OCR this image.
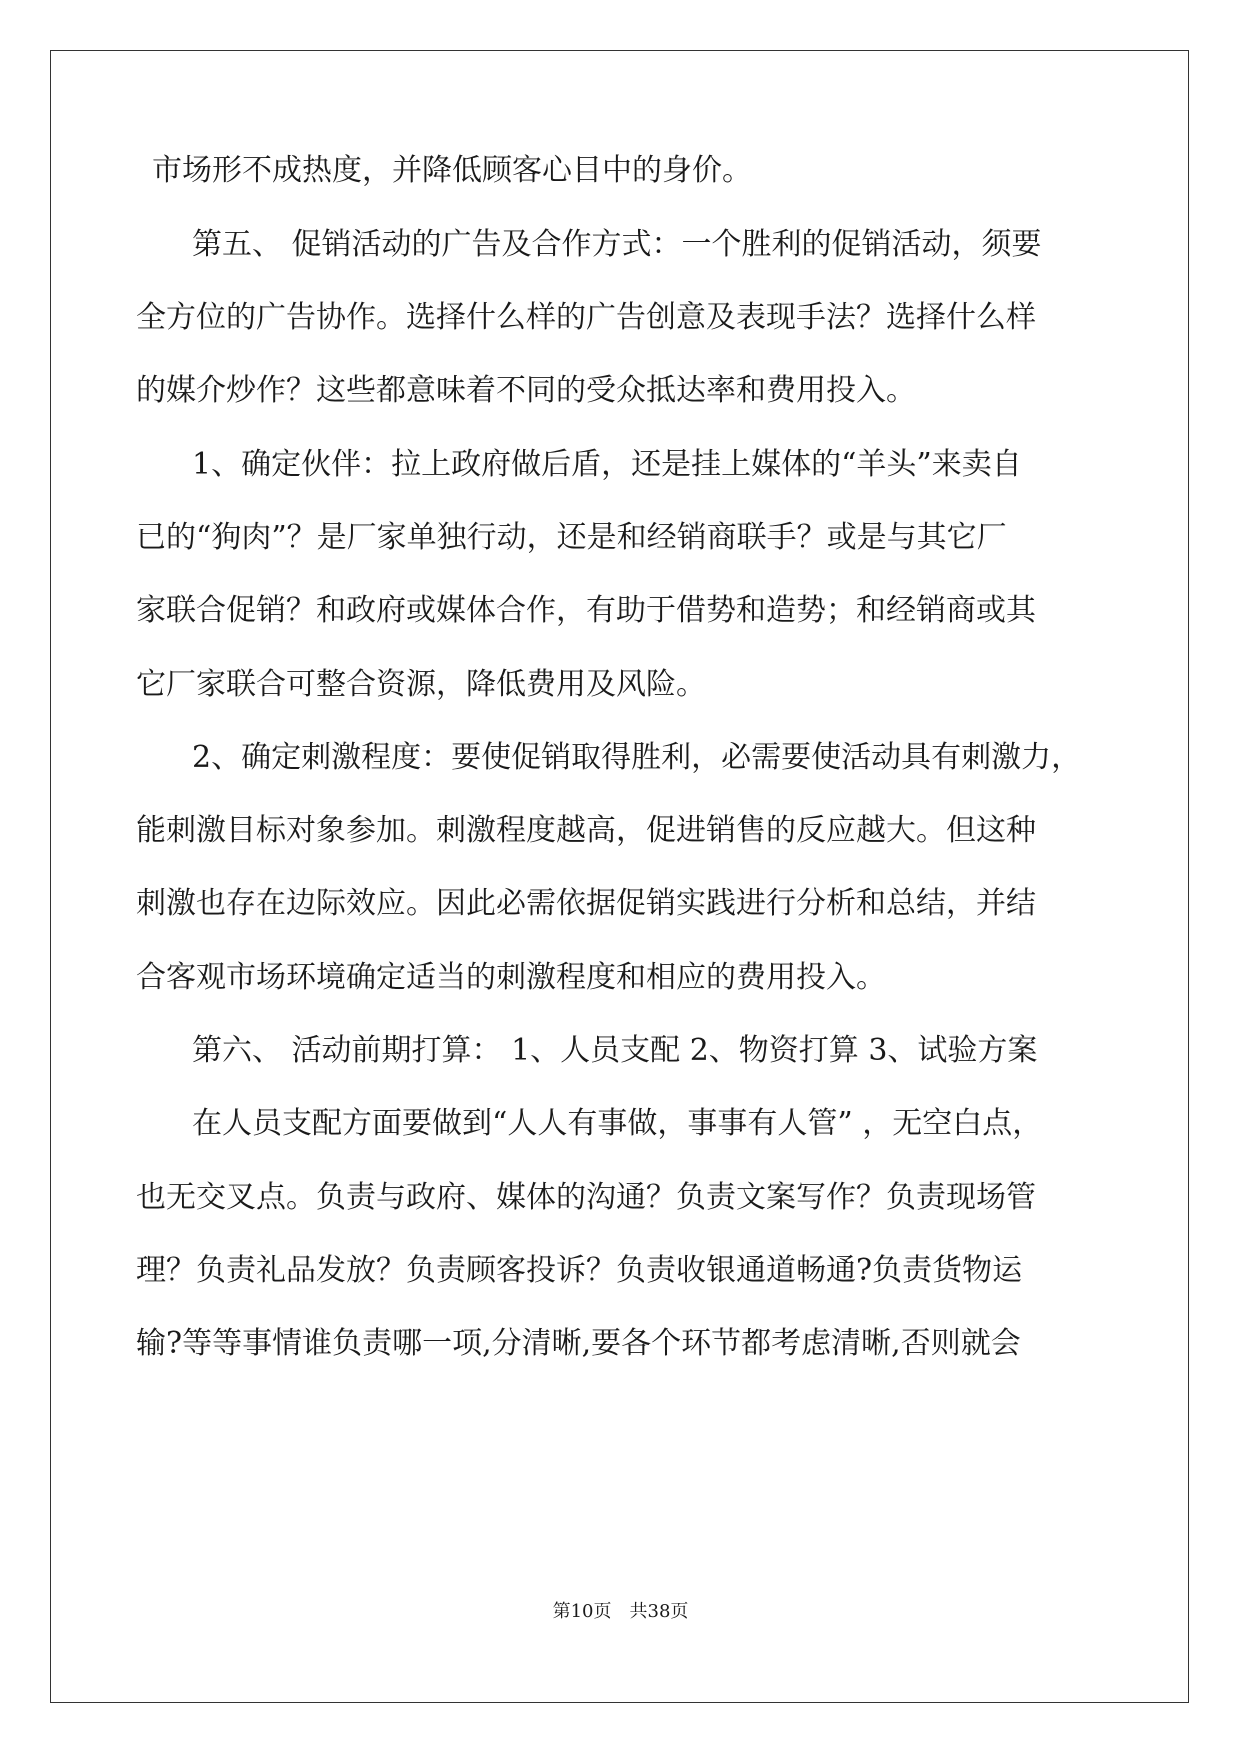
市场形不成热度，并降低顾客心目中的身价。
第五、 促销活动的广告及合作方式：一个胜利的促销活动，须要
全方位的广告协作。选择什么样的广告创意及表现手法？选择什么样
的媒介炒作？这些都意味着不同的受众抵达率和费用投入。
1、确定伙伴：拉上政府做后盾，还是挂上媒体的“羊头”来卖自
已的“狗肉”？是厂家单独行动，还是和经销商联手？或是与其它厂
家联合促销？和政府或媒体合作，有助于借势和造势；和经销商或其
它厂家联合可整合资源，降低费用及风险。
2、确定刺激程度：要使促销取得胜利，必需要使活动具有刺激力，
能刺激目标对象参加。刺激程度越高，促进销售的反应越大。但这种
刺激也存在边际效应。因此必需依据促销实践进行分析和总结，并结
合客观市场环境确定适当的刺激程度和相应的费用投入。
第六、 活动前期打算： 1、人员支配 2、物资打算 3、试验方案
在人员支配方面要做到“人人有事做，事事有人管” ，无空白点，
也无交叉点。负责与政府、媒体的沟通？负责文案写作？负责现场管
理？负责礼品发放？负责顾客投诉？负责收银通道畅通?负责货物运
输?等等事情谁负责哪一项,分清晰,要各个环节都考虑清晰,否则就会
第10页 共38页
